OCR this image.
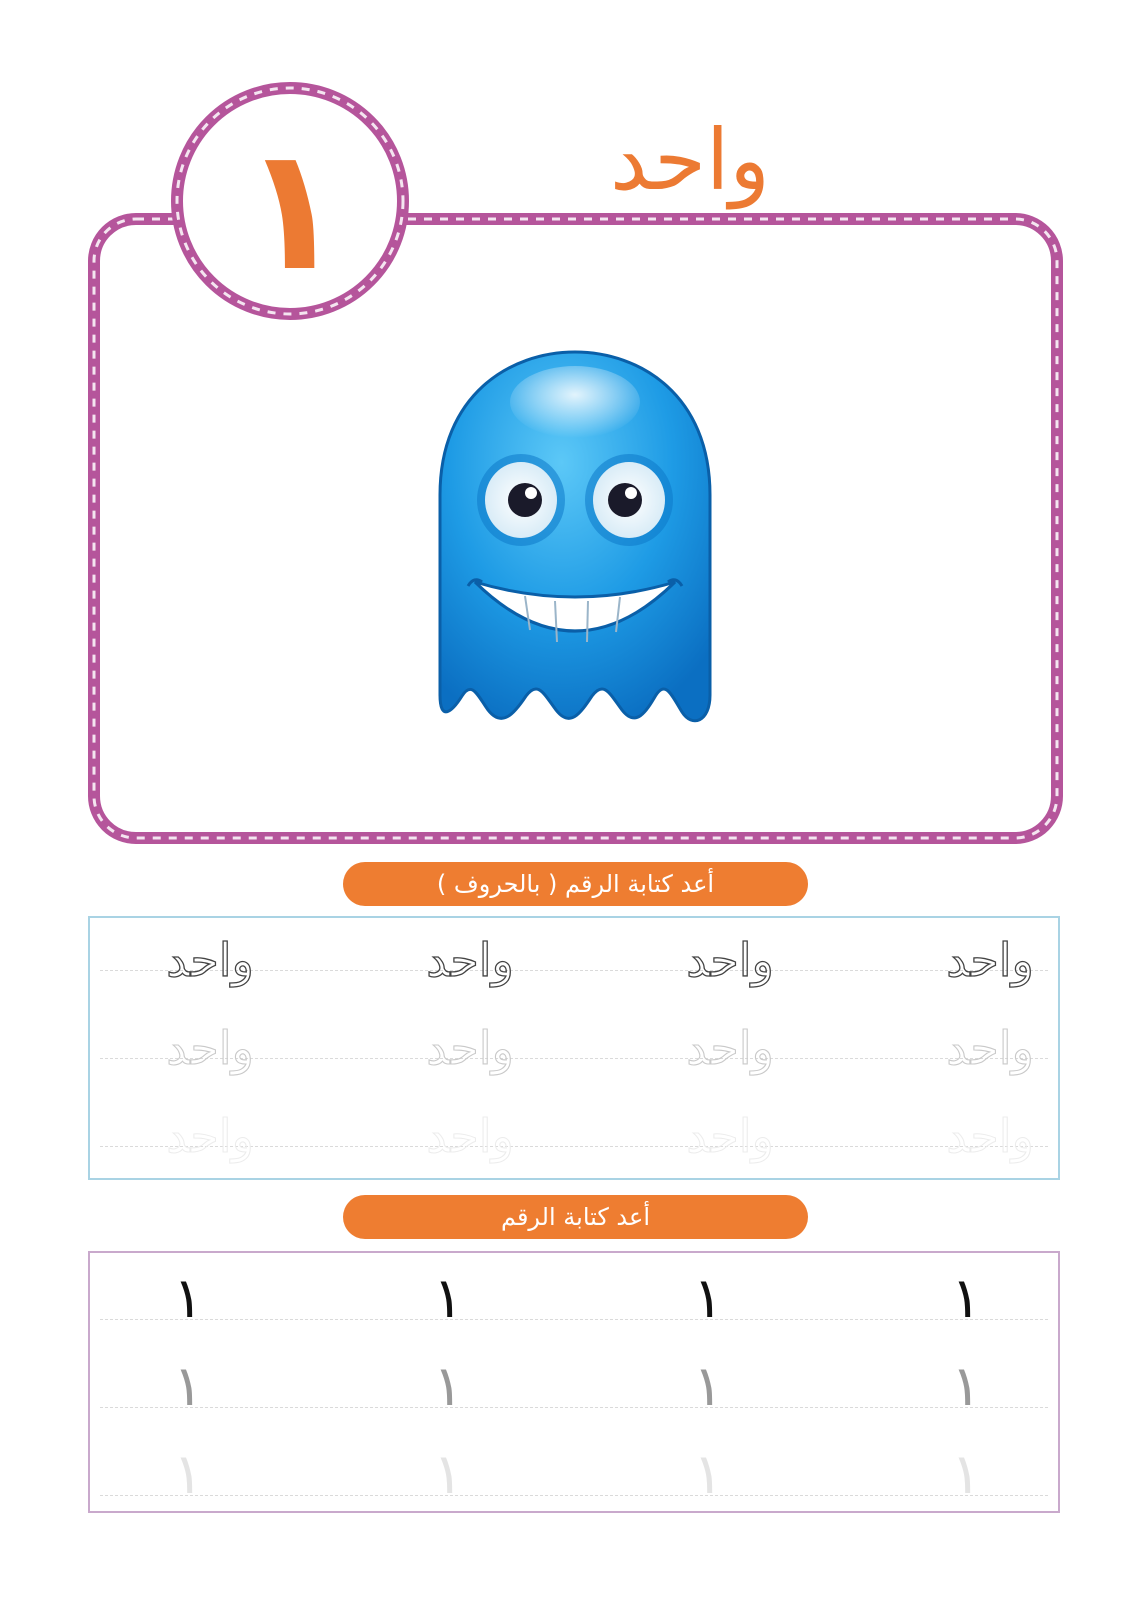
واحد
١
أعد كتابة الرقم ( بالحروف )
واحد	واحد	واحد	واحد
واحد	واحد	واحد	واحد
واحد	واحد	واحد	واحد
أعد كتابة الرقم
١	١	١	١
١	١	١	١
١	١	١	١
